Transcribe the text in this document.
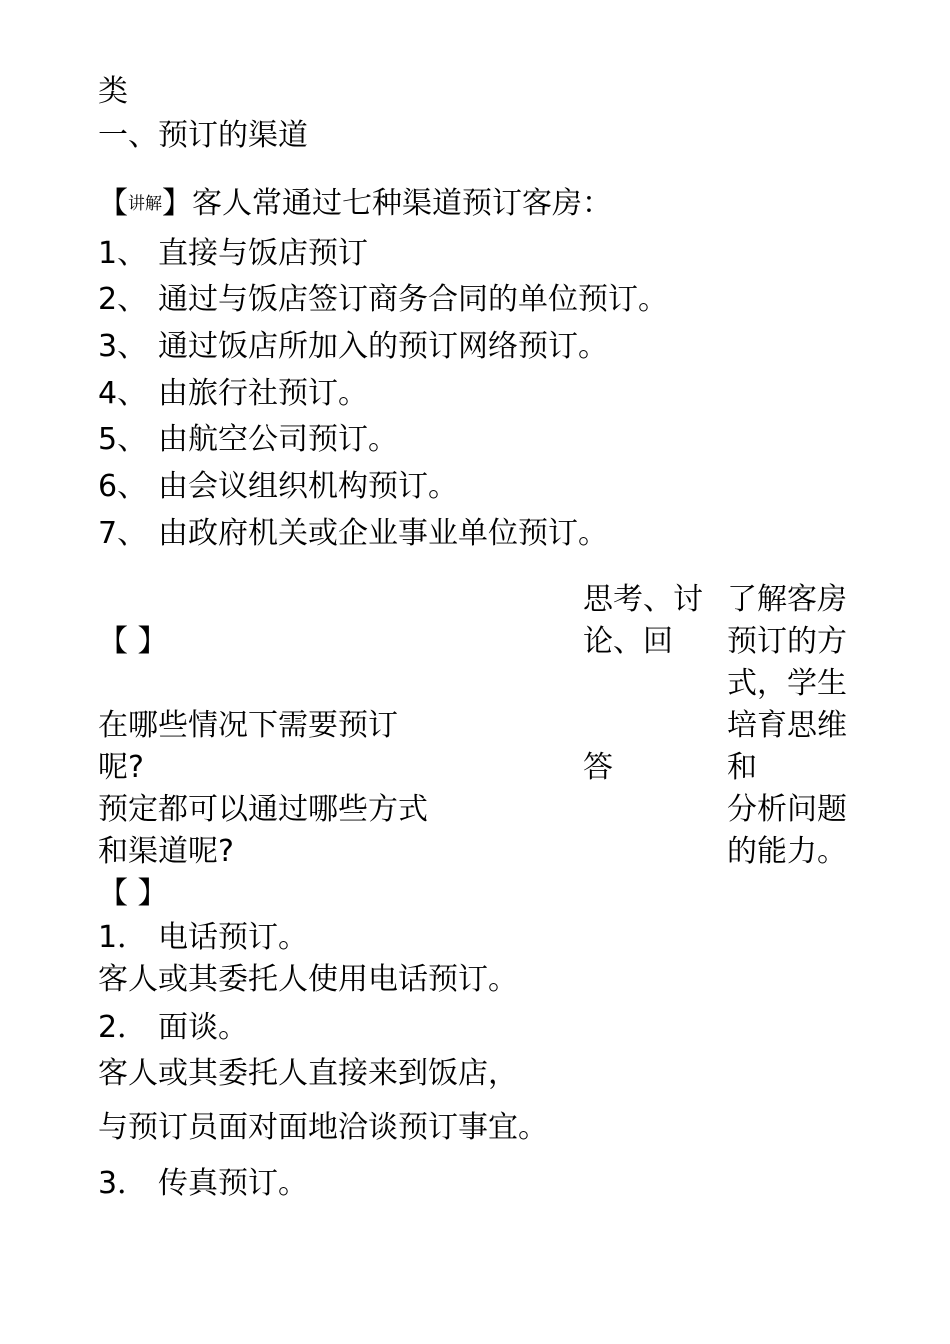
类
一、预订的渠道
【讲解】客人常通过七种渠道预订客房：
1、 直接与饭店预订
2、 通过与饭店签订商务合同的单位预订。
3、 通过饭店所加入的预订网络预订。
4、 由旅行社预订。
5、 由航空公司预订。
6、 由会议组织机构预订。
7、 由政府机关或企业事业单位预订。
【 】
在哪些情况下需要预订
呢?
预定都可以通过哪些方式
和渠道呢?
思考、讨
论、回
答
了解客房
预订的方
式，学生
培育思维
和
分析问题
的能力。
【 】
1． 电话预订。
客人或其委托人使用电话预订。
2． 面谈。
客人或其委托人直接来到饭店，
与预订员面对面地洽谈预订事宜。
3． 传真预订。
